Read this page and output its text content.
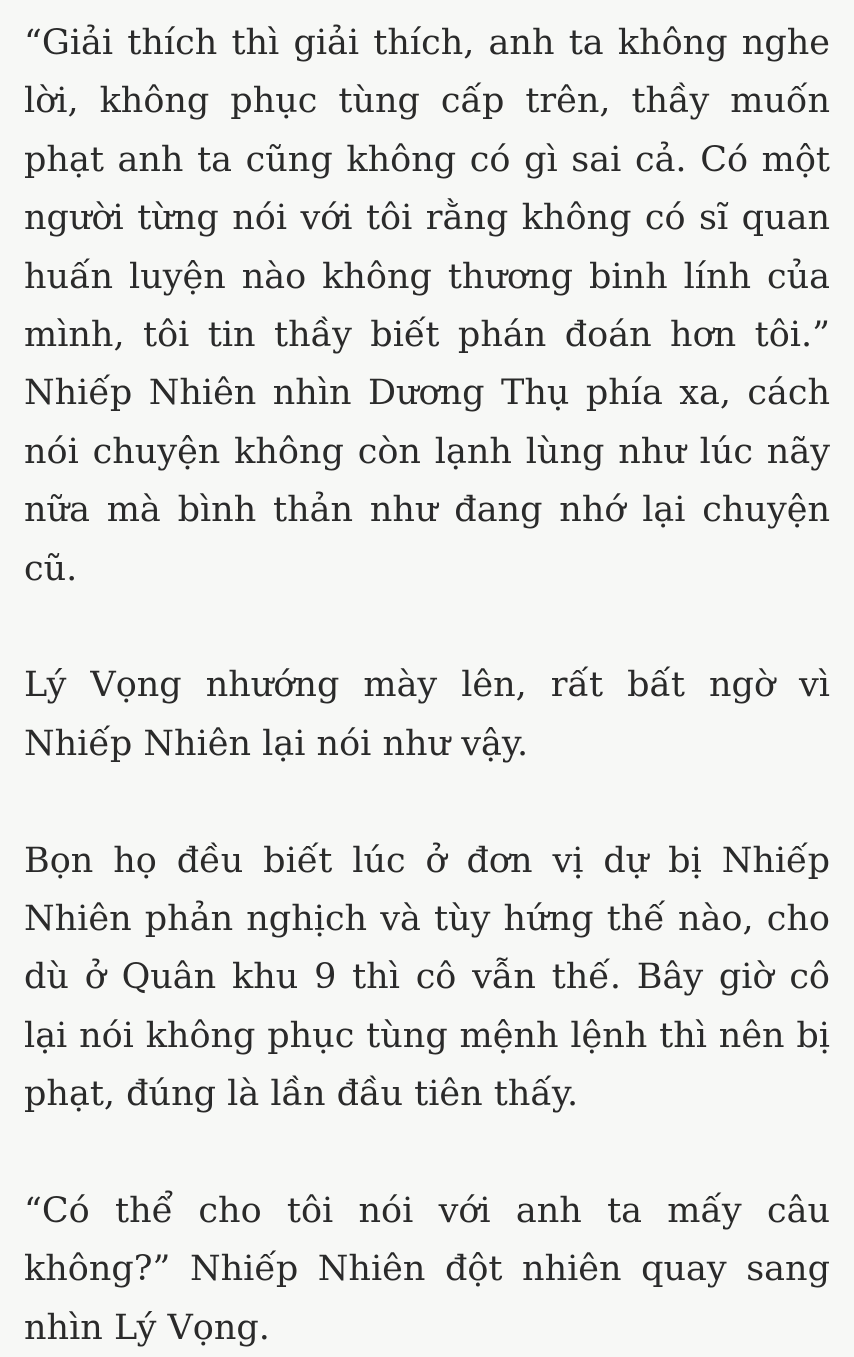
“Giải thích thì giải thích, anh ta không nghe lời, không phục tùng cấp trên, thầy muốn phạt anh ta cũng không có gì sai cả. Có một người từng nói với tôi rằng không có sĩ quan huấn luyện nào không thương binh lính của mình, tôi tin thầy biết phán đoán hơn tôi.” Nhiếp Nhiên nhìn Dương Thụ phía xa, cách nói chuyện không còn lạnh lùng như lúc nãy nữa mà bình thản như đang nhớ lại chuyện cũ.

Lý Vọng nhướng mày lên, rất bất ngờ vì Nhiếp Nhiên lại nói như vậy.

Bọn họ đều biết lúc ở đơn vị dự bị Nhiếp Nhiên phản nghịch và tùy hứng thế nào, cho dù ở Quân khu 9 thì cô vẫn thế. Bây giờ cô lại nói không phục tùng mệnh lệnh thì nên bị phạt, đúng là lần đầu tiên thấy.

“Có thể cho tôi nói với anh ta mấy câu không?” Nhiếp Nhiên đột nhiên quay sang nhìn Lý Vọng.
